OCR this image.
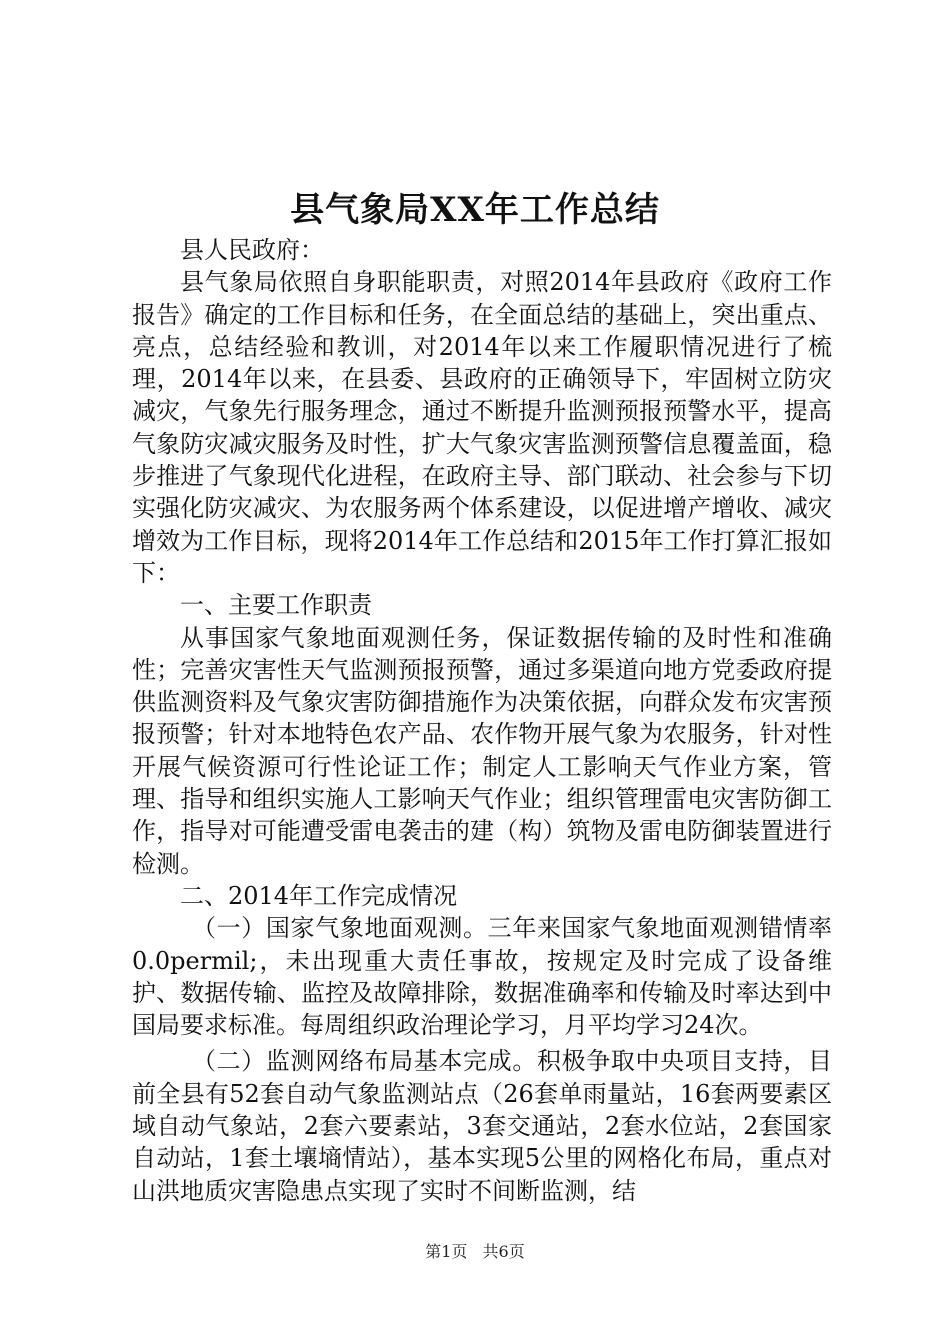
县气象局XX年工作总结

县人民政府：

县气象局依照自身职能职责，对照2014年县政府《政府工作报告》确定的工作目标和任务，在全面总结的基础上，突出重点、亮点，总结经验和教训，对2014年以来工作履职情况进行了梳理，2014年以来，在县委、县政府的正确领导下，牢固树立防灾减灾，气象先行服务理念，通过不断提升监测预报预警水平，提高气象防灾减灾服务及时性，扩大气象灾害监测预警信息覆盖面，稳步推进了气象现代化进程，在政府主导、部门联动、社会参与下切实强化防灾减灾、为农服务两个体系建设，以促进增产增收、减灾增效为工作目标，现将2014年工作总结和2015年工作打算汇报如下：

一、主要工作职责

从事国家气象地面观测任务，保证数据传输的及时性和准确性；完善灾害性天气监测预报预警，通过多渠道向地方党委政府提供监测资料及气象灾害防御措施作为决策依据，向群众发布灾害预报预警；针对本地特色农产品、农作物开展气象为农服务，针对性开展气候资源可行性论证工作；制定人工影响天气作业方案，管理、指导和组织实施人工影响天气作业；组织管理雷电灾害防御工作，指导对可能遭受雷电袭击的建（构）筑物及雷电防御装置进行检测。

二、2014年工作完成情况

（一）国家气象地面观测。三年来国家气象地面观测错情率0.0permil;，未出现重大责任事故，按规定及时完成了设备维护、数据传输、监控及故障排除，数据准确率和传输及时率达到中国局要求标准。每周组织政治理论学习，月平均学习24次。

（二）监测网络布局基本完成。积极争取中央项目支持，目前全县有52套自动气象监测站点（26套单雨量站，16套两要素区域自动气象站，2套六要素站，3套交通站，2套水位站，2套国家自动站，1套土壤墒情站），基本实现5公里的网格化布局，重点对山洪地质灾害隐患点实现了实时不间断监测，结

第1页 共6页
